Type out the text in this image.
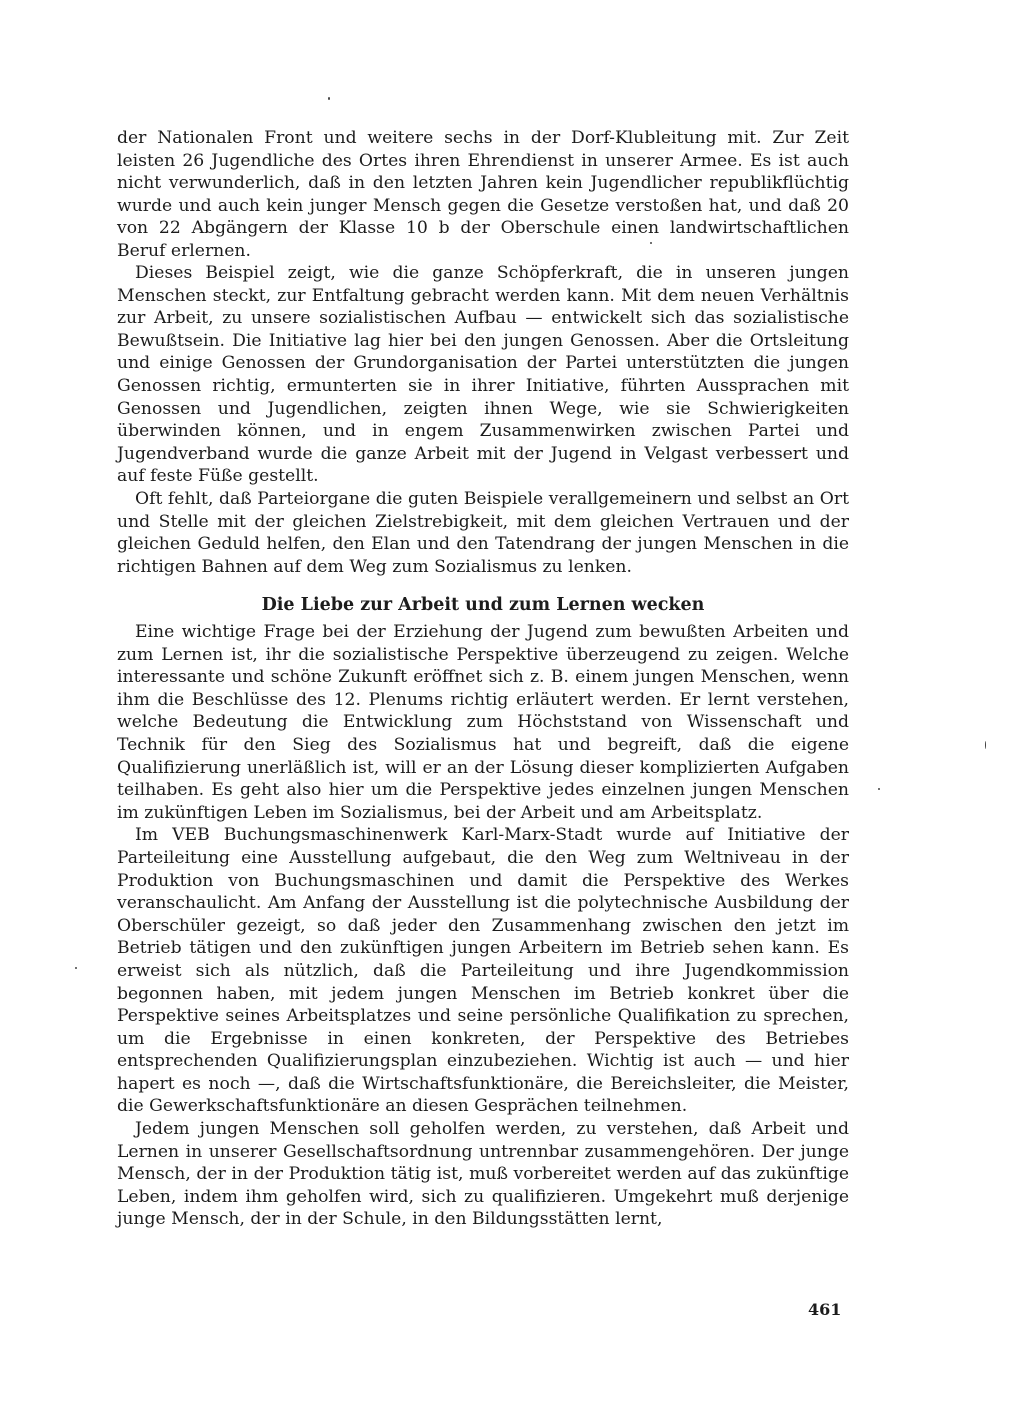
der Nationalen Front und weitere sechs in der Dorf-Klubleitung mit. Zur Zeit leisten 26 Jugendliche des Ortes ihren Ehrendienst in unserer Armee. Es ist auch nicht verwunderlich, daß in den letzten Jahren kein Jugendlicher republikflüchtig wurde und auch kein junger Mensch gegen die Gesetze verstoßen hat, und daß 20 von 22 Abgängern der Klasse 10 b der Oberschule einen landwirtschaftlichen Beruf erlernen.

Dieses Beispiel zeigt, wie die ganze Schöpferkraft, die in unseren jungen Menschen steckt, zur Entfaltung gebracht werden kann. Mit dem neuen Verhältnis zur Arbeit, zu unsere sozialistischen Aufbau — entwickelt sich das sozialistische Bewußtsein. Die Initiative lag hier bei den jungen Genossen. Aber die Ortsleitung und einige Genossen der Grundorganisation der Partei unterstützten die jungen Genossen richtig, ermunterten sie in ihrer Initiative, führten Aussprachen mit Genossen und Jugendlichen, zeigten ihnen Wege, wie sie Schwierigkeiten überwinden können, und in engem Zusammenwirken zwischen Partei und Jugendverband wurde die ganze Arbeit mit der Jugend in Velgast verbessert und auf feste Füße gestellt.

Oft fehlt, daß Parteiorgane die guten Beispiele verallgemeinern und selbst an Ort und Stelle mit der gleichen Zielstrebigkeit, mit dem gleichen Vertrauen und der gleichen Geduld helfen, den Elan und den Tatendrang der jungen Menschen in die richtigen Bahnen auf dem Weg zum Sozialismus zu lenken.

Die Liebe zur Arbeit und zum Lernen wecken

Eine wichtige Frage bei der Erziehung der Jugend zum bewußten Arbeiten und zum Lernen ist, ihr die sozialistische Perspektive überzeugend zu zeigen. Welche interessante und schöne Zukunft eröffnet sich z. B. einem jungen Menschen, wenn ihm die Beschlüsse des 12. Plenums richtig erläutert werden. Er lernt verstehen, welche Bedeutung die Entwicklung zum Höchststand von Wissenschaft und Technik für den Sieg des Sozialismus hat und begreift, daß die eigene Qualifizierung unerläßlich ist, will er an der Lösung dieser komplizierten Aufgaben teilhaben. Es geht also hier um die Perspektive jedes einzelnen jungen Menschen im zukünftigen Leben im Sozialismus, bei der Arbeit und am Arbeitsplatz.

Im VEB Buchungsmaschinenwerk Karl-Marx-Stadt wurde auf Initiative der Parteileitung eine Ausstellung aufgebaut, die den Weg zum Weltniveau in der Produktion von Buchungsmaschinen und damit die Perspektive des Werkes veranschaulicht. Am Anfang der Ausstellung ist die polytechnische Ausbildung der Oberschüler gezeigt, so daß jeder den Zusammenhang zwischen den jetzt im Betrieb tätigen und den zukünftigen jungen Arbeitern im Betrieb sehen kann. Es erweist sich als nützlich, daß die Parteileitung und ihre Jugendkommission begonnen haben, mit jedem jungen Menschen im Betrieb konkret über die Perspektive seines Arbeitsplatzes und seine persönliche Qualifikation zu sprechen, um die Ergebnisse in einen konkreten, der Perspektive des Betriebes entsprechenden Qualifizierungsplan einzubeziehen. Wichtig ist auch — und hier hapert es noch —, daß die Wirtschaftsfunktionäre, die Bereichsleiter, die Meister, die Gewerkschaftsfunktionäre an diesen Gesprächen teilnehmen.

Jedem jungen Menschen soll geholfen werden, zu verstehen, daß Arbeit und Lernen in unserer Gesellschaftsordnung untrennbar zusammengehören. Der junge Mensch, der in der Produktion tätig ist, muß vorbereitet werden auf das zukünftige Leben, indem ihm geholfen wird, sich zu qualifizieren. Umgekehrt muß derjenige junge Mensch, der in der Schule, in den Bildungsstätten lernt,

461
